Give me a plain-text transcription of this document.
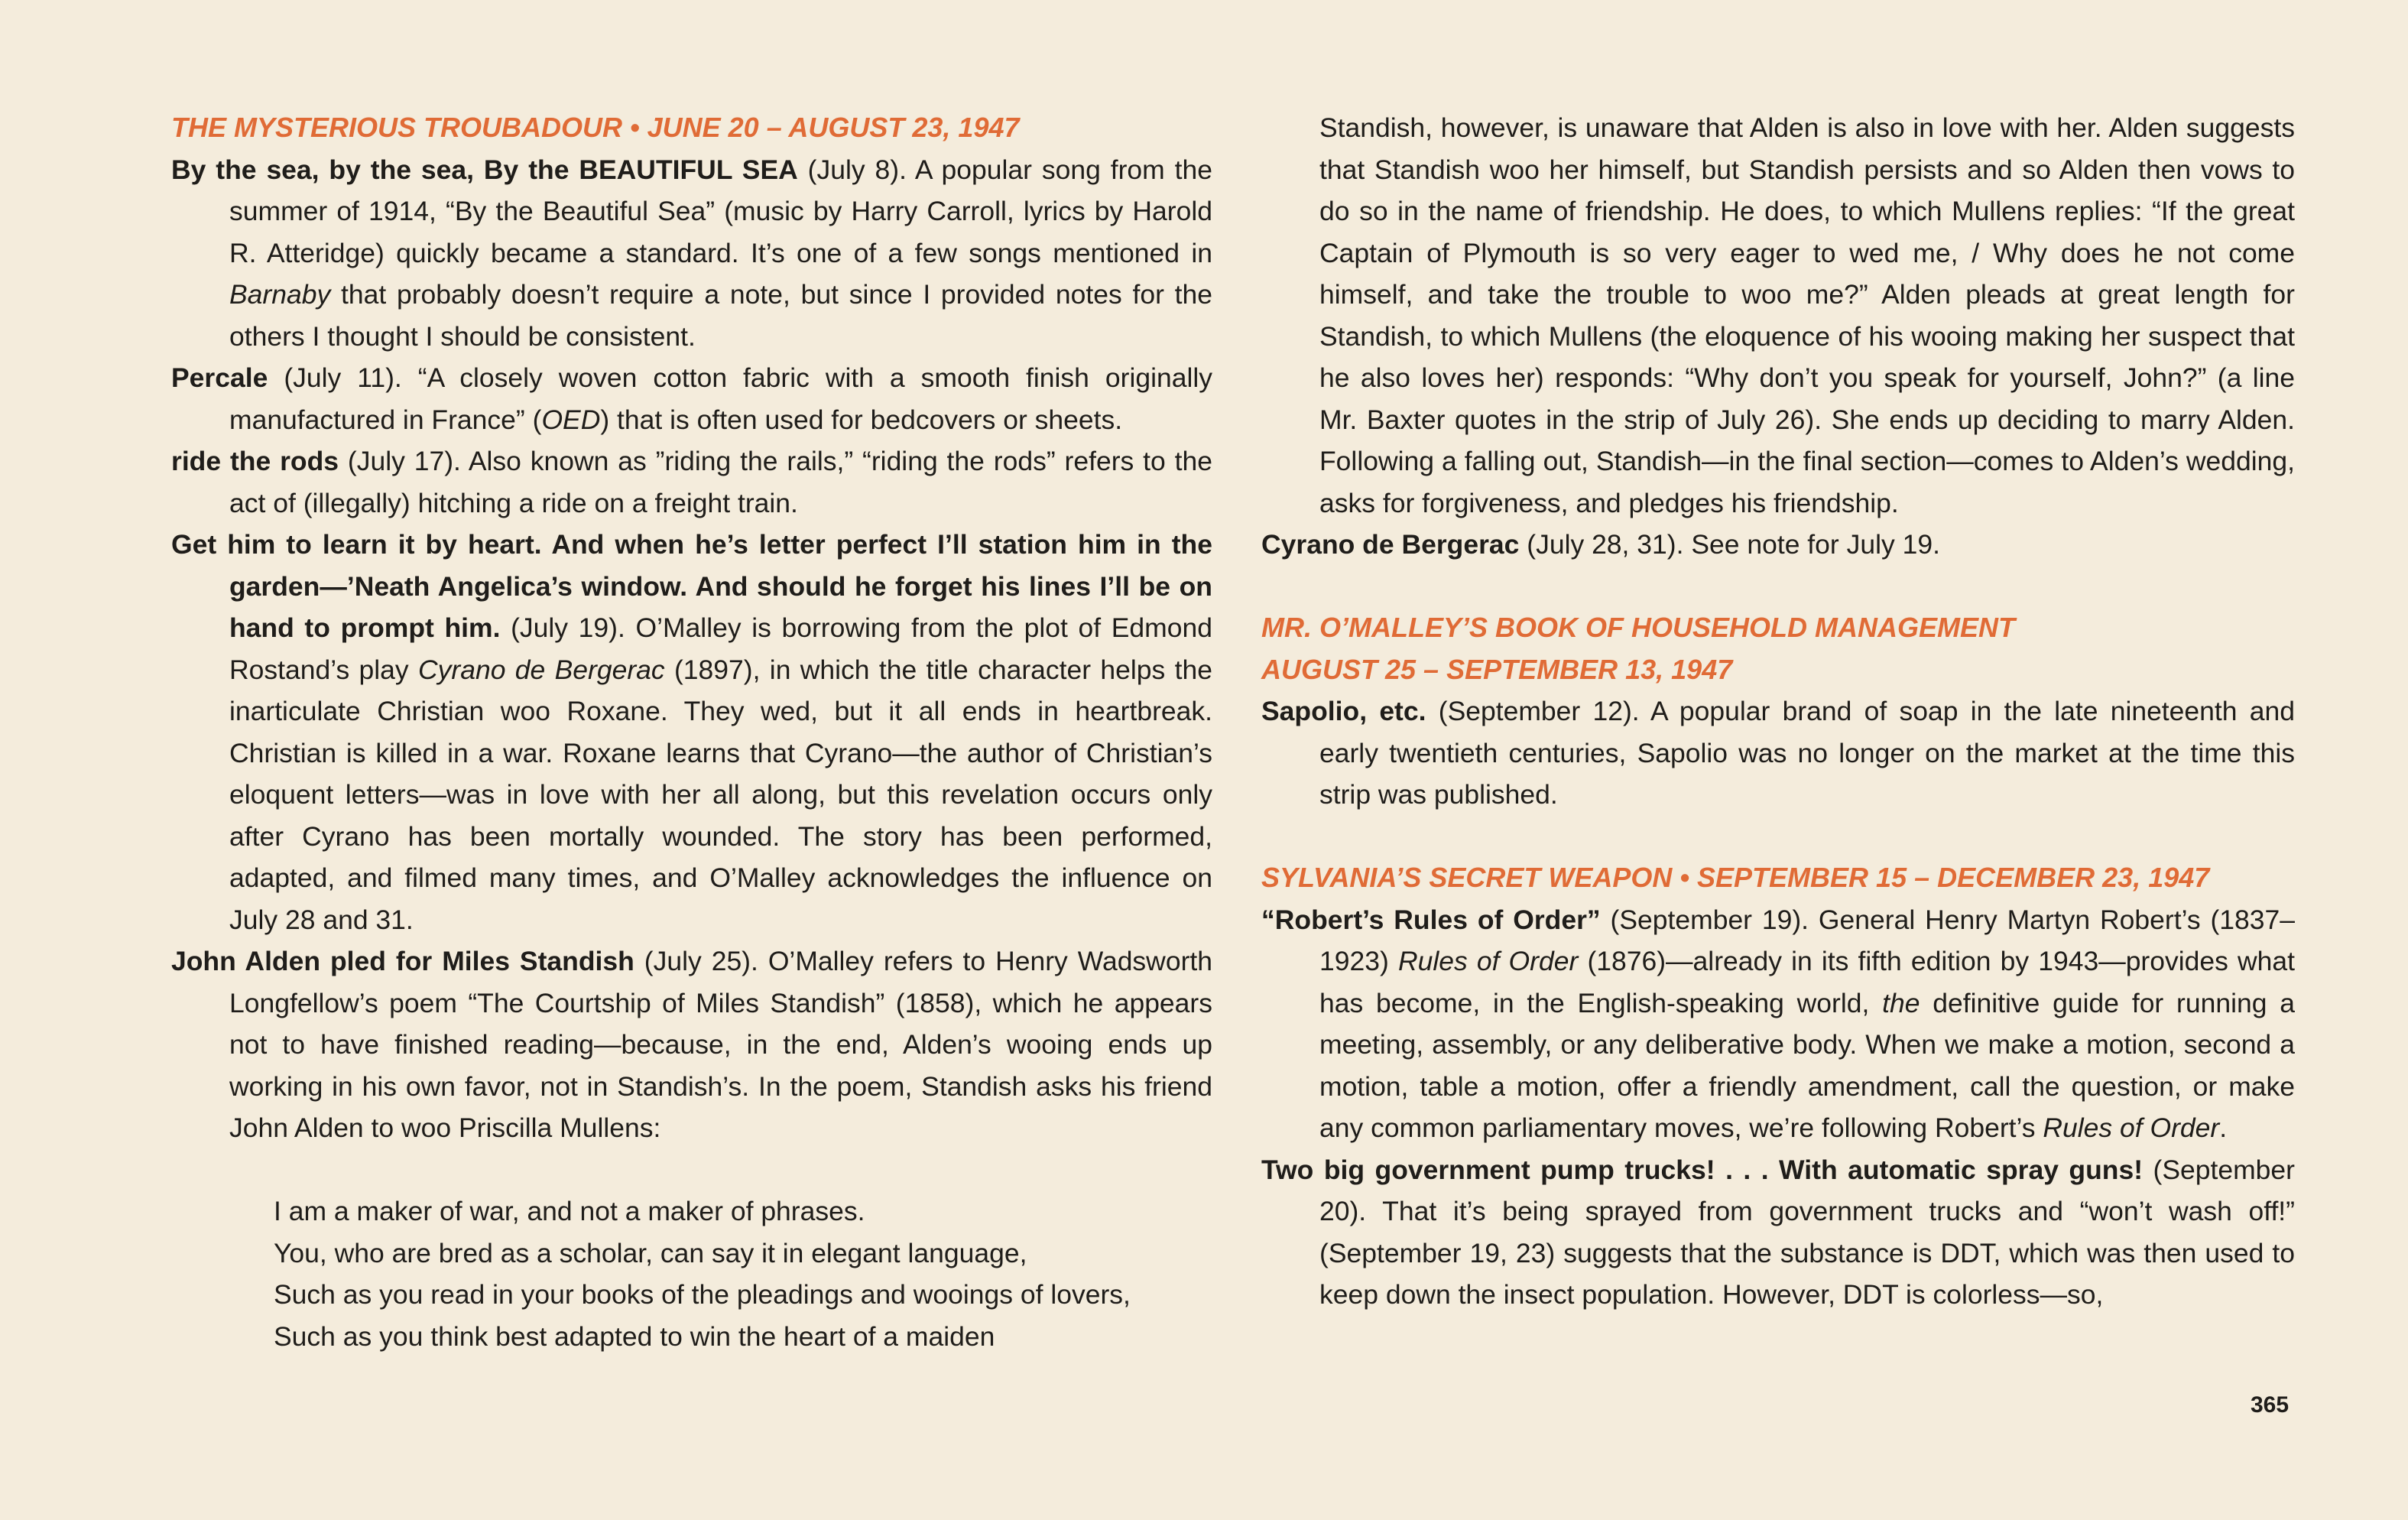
THE MYSTERIOUS TROUBADOUR • JUNE 20 – AUGUST 23, 1947
By the sea, by the sea, By the BEAUTIFUL SEA (July 8). A popular song from the summer of 1914, “By the Beautiful Sea” (music by Harry Carroll, lyrics by Harold R. Atteridge) quickly became a standard. It’s one of a few songs mentioned in Barnaby that probably doesn’t require a note, but since I provided notes for the others I thought I should be consistent.
Percale (July 11). “A closely woven cotton fabric with a smooth finish originally manufactured in France” (OED) that is often used for bedcovers or sheets.
ride the rods (July 17). Also known as ”riding the rails,” “riding the rods” refers to the act of (illegally) hitching a ride on a freight train.
Get him to learn it by heart. And when he’s letter perfect I’ll station him in the garden—’Neath Angelica’s window. And should he forget his lines I’ll be on hand to prompt him. (July 19). O’Malley is borrowing from the plot of Edmond Rostand’s play Cyrano de Bergerac (1897), in which the title character helps the inarticulate Christian woo Roxane. They wed, but it all ends in heartbreak. Christian is killed in a war. Roxane learns that Cyrano—the author of Christian’s eloquent letters—was in love with her all along, but this revelation occurs only after Cyrano has been mortally wounded. The story has been performed, adapted, and filmed many times, and O’Malley acknowledges the influence on July 28 and 31.
John Alden pled for Miles Standish (July 25). O’Malley refers to Henry Wadsworth Longfellow’s poem “The Courtship of Miles Standish” (1858), which he appears not to have finished reading—because, in the end, Alden’s wooing ends up working in his own favor, not in Standish’s. In the poem, Standish asks his friend John Alden to woo Priscilla Mullens:
I am a maker of war, and not a maker of phrases.
You, who are bred as a scholar, can say it in elegant language,
Such as you read in your books of the pleadings and wooings of lovers,
Such as you think best adapted to win the heart of a maiden
Standish, however, is unaware that Alden is also in love with her. Alden suggests that Standish woo her himself, but Standish persists and so Alden then vows to do so in the name of friendship. He does, to which Mullens replies: “If the great Captain of Plymouth is so very eager to wed me, / Why does he not come himself, and take the trouble to woo me?” Alden pleads at great length for Standish, to which Mullens (the eloquence of his wooing making her suspect that he also loves her) responds: “Why don’t you speak for yourself, John?” (a line Mr. Baxter quotes in the strip of July 26). She ends up deciding to marry Alden. Following a falling out, Standish—in the final section—comes to Alden’s wedding, asks for forgiveness, and pledges his friendship.
Cyrano de Bergerac (July 28, 31). See note for July 19.
MR. O’MALLEY’S BOOK OF HOUSEHOLD MANAGEMENT
AUGUST 25 – SEPTEMBER 13, 1947
Sapolio, etc. (September 12). A popular brand of soap in the late nineteenth and early twentieth centuries, Sapolio was no longer on the market at the time this strip was published.
SYLVANIA’S SECRET WEAPON • SEPTEMBER 15 – DECEMBER 23, 1947
“Robert’s Rules of Order” (September 19). General Henry Martyn Robert’s (1837– 1923) Rules of Order (1876)—already in its fifth edition by 1943—provides what has become, in the English-speaking world, the definitive guide for running a meeting, assembly, or any deliberative body. When we make a motion, second a motion, table a motion, offer a friendly amendment, call the question, or make any common parliamentary moves, we’re following Robert’s Rules of Order.
Two big government pump trucks! . . . With automatic spray guns! (September 20). That it’s being sprayed from government trucks and “won’t wash off!” (September 19, 23) suggests that the substance is DDT, which was then used to keep down the insect population. However, DDT is colorless—so,
365
